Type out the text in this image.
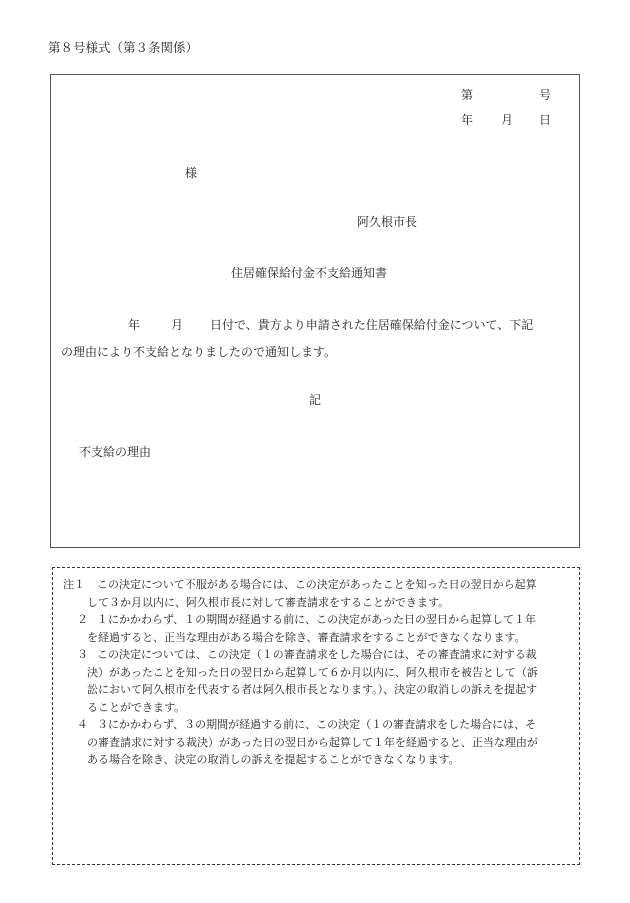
第８号様式（第３条関係）
第	号
年 月 日
様
阿久根市長
住居確保給付金不支給通知書
年	月 日付で、貴方より申請された住居確保給付金について、下記
の理由により不支給となりましたので通知します。
記
不支給の理由
注１	この決定について不服がある場合には、この決定があったことを知った日の翌日から起算
して３か月以内に、阿久根市長に対して審査請求をすることができます。
２ １にかかわらず、１の期間が経過する前に、この決定があった日の翌日から起算して１年
を経過すると、正当な理由がある場合を除き、審査請求をすることができなくなります。
３ この決定については、この決定（１の審査請求をした場合には、その審査請求に対する裁
決）があったことを知った日の翌日から起算して６か月以内に、阿久根市を被告として（訴
訟において阿久根市を代表する者は阿久根市長となります。）、決定の取消しの訴えを提起す
ることができます。
４ ３にかかわらず、３の期間が経過する前に、この決定（１の審査請求をした場合には、そ
の審査請求に対する裁決）があった日の翌日から起算して１年を経過すると、正当な理由が
ある場合を除き、決定の取消しの訴えを提起することができなくなります。
